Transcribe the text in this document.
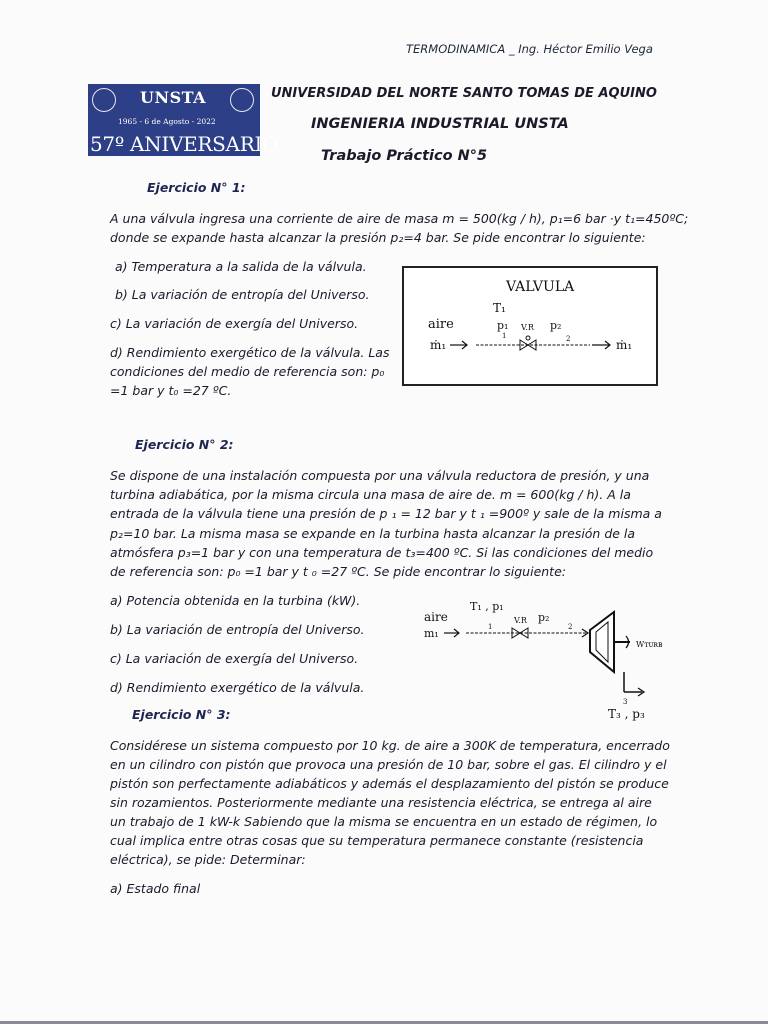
TERMODINAMICA _ Ing. Héctor Emilio Vega
UNSTA
1965 - 6 de Agosto - 2022
57º ANIVERSARIO
UNIVERSIDAD DEL NORTE SANTO TOMAS DE AQUINO
INGENIERIA INDUSTRIAL UNSTA
Trabajo Práctico N°5
Ejercicio N° 1:
A una válvula ingresa una corriente de aire de masa m = 500(kg / h), p₁=6 bar ·y t₁=450ºC;
donde se expande hasta alcanzar la presión p₂=4 bar. Se pide encontrar lo siguiente:
a) Temperatura a la salida de la válvula.
b) La variación de entropía del Universo.
c) La variación de exergía del Universo.
d) Rendimiento exergético de la válvula. Las
condiciones del medio de referencia son: p₀
=1 bar y t₀ =27 ºC.
VALVULA
T₁
aire	p₁ V.R p₂
1	2
ṁ₁	ṁ₁
Ejercicio N° 2:
Se dispone de una instalación compuesta por una válvula reductora de presión, y una
turbina adiabática, por la misma circula una masa de aire de. m = 600(kg / h). A la
entrada de la válvula tiene una presión de p ₁ = 12 bar y t ₁ =900º y sale de la misma a
p₂=10 bar. La misma masa se expande en la turbina hasta alcanzar la presión de la
atmósfera p₃=1 bar y con una temperatura de t₃=400 ºC. Si las condiciones del medio
de referencia son: p₀ =1 bar y t ₀ =27 ºC. Se pide encontrar lo siguiente:
a) Potencia obtenida en la turbina (kW).
b) La variación de entropía del Universo.
c) La variación de exergía del Universo.
d) Rendimiento exergético de la válvula.
T₁ , p₁
aire
m₁	1
V.R p₂
2
Wᴛᴜʀʙ
3
T₃ , p₃
Ejercicio N° 3:
Considérese un sistema compuesto por 10 kg. de aire a 300K de temperatura, encerrado
en un cilindro con pistón que provoca una presión de 10 bar, sobre el gas. El cilindro y el
pistón son perfectamente adiabáticos y además el desplazamiento del pistón se produce
sin rozamientos. Posteriormente mediante una resistencia eléctrica, se entrega al aire
un trabajo de 1 kW-k Sabiendo que la misma se encuentra en un estado de régimen, lo
cual implica entre otras cosas que su temperatura permanece constante (resistencia
eléctrica), se pide: Determinar:
a) Estado final
